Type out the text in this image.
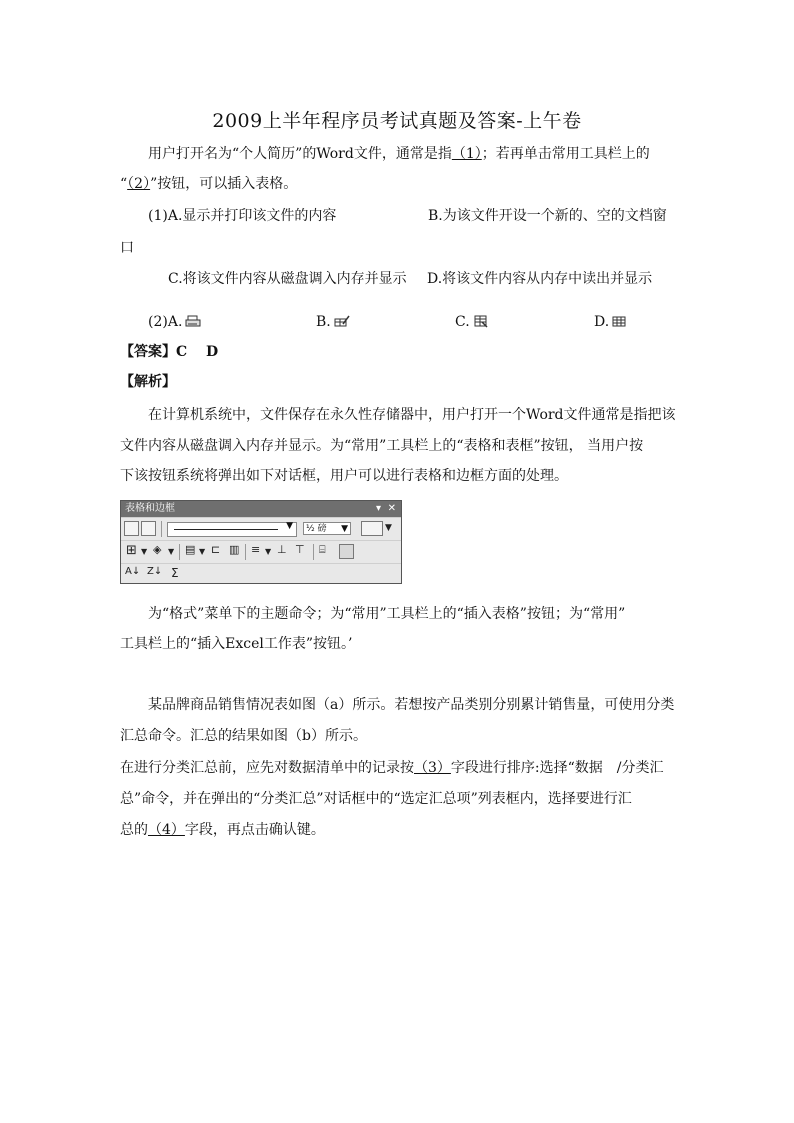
2009上半年程序员考试真题及答案-上午卷
用户打开名为“个人简历”的Word文件，通常是指（1）；若再单击常用工具栏上的
“（2）”按钮，可以插入表格。
(1)A.显示并打印该文件的内容	B.为该文件开设一个新的、空的文档窗
口
C.将该文件内容从磁盘调入内存并显示 D.将该文件内容从内存中读出并显示
(2)A.	B.	C.	D.
【答案】C　 D
【解析】
在计算机系统中，文件保存在永久性存储器中，用户打开一个Word文件通常是指把该
文件内容从磁盘调入内存并显示。为“常用”工具栏上的“表格和表框”按钮， 当用户按
下该按钮系统将弹出如下对话框，用户可以进行表格和边框方面的处理。
表格和边框	▾ ✕
▼	½ 磅 ▼	▼
⊞ ▼ ◈ ▼ ▤ ▼ ⊏ ▥ ≡ ▼ ⊥ ⊤ ⌸
A↓ Z↓ Σ
为“格式”菜单下的主题命令；为“常用”工具栏上的“插入表格”按钮；为“常用”
工具栏上的“插入Excel工作表”按钮。’
某品牌商品销售情况表如图（a）所示。若想按产品类别分别累计销售量，可使用分类
汇总命令。汇总的结果如图（b）所示。
在进行分类汇总前，应先对数据清单中的记录按（3）字段进行排序:选择“数据　/分类汇
总”命令，并在弹出的“分类汇总”对话框中的“选定汇总项”列表框内，选择要进行汇
总的（4）字段，再点击确认键。
